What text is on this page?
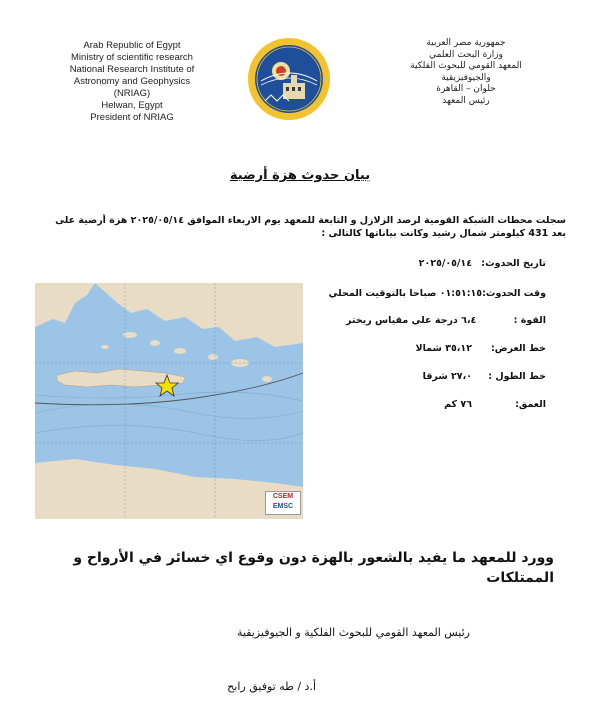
Arab Republic of Egypt
Ministry of scientific research
National Research Institute of
Astronomy and Geophysics
(NRIAG)
Helwan, Egypt
President of NRIAG
جمهورية مصر العربية
وزارة البحث العلمي
المعهد القومي للبحوث الفلكية
والجيوفيزيقية
حلوان – القاهرة
رئيس المعهد
بيان حدوث هزة أرضية
سجلت محطات الشبكة القومية لرصد الزلازل و التابعة للمعهد يوم الاربعاء الموافق ٢٠٢٥/٠٥/١٤ هزة أرضية على
بعد 431 كيلومتر شمال رشيد وكانت بياناتها كالتالى :
تاريخ الحدوث:
٢٠٢٥/٠٥/١٤
وقت الحدوث:
٠١:٥١:١٥ صباحا بالتوقيت المحلي
القوة :
٦،٤ درجة علي مقياس ريختر
خط العرض:
٣٥،١٢ شمالا
خط الطول :
٢٧،٠ شرقا
العمق:
٧٦ كم
CSEM
EMSC
وورد للمعهد ما يفيد بالشعور بالهزة دون وقوع اي خسائر في الأرواح و
الممتلكات
رئيس المعهد القومي للبحوث الفلكية و الجيوفيزيقية
أ.د / طه توفيق رابح
